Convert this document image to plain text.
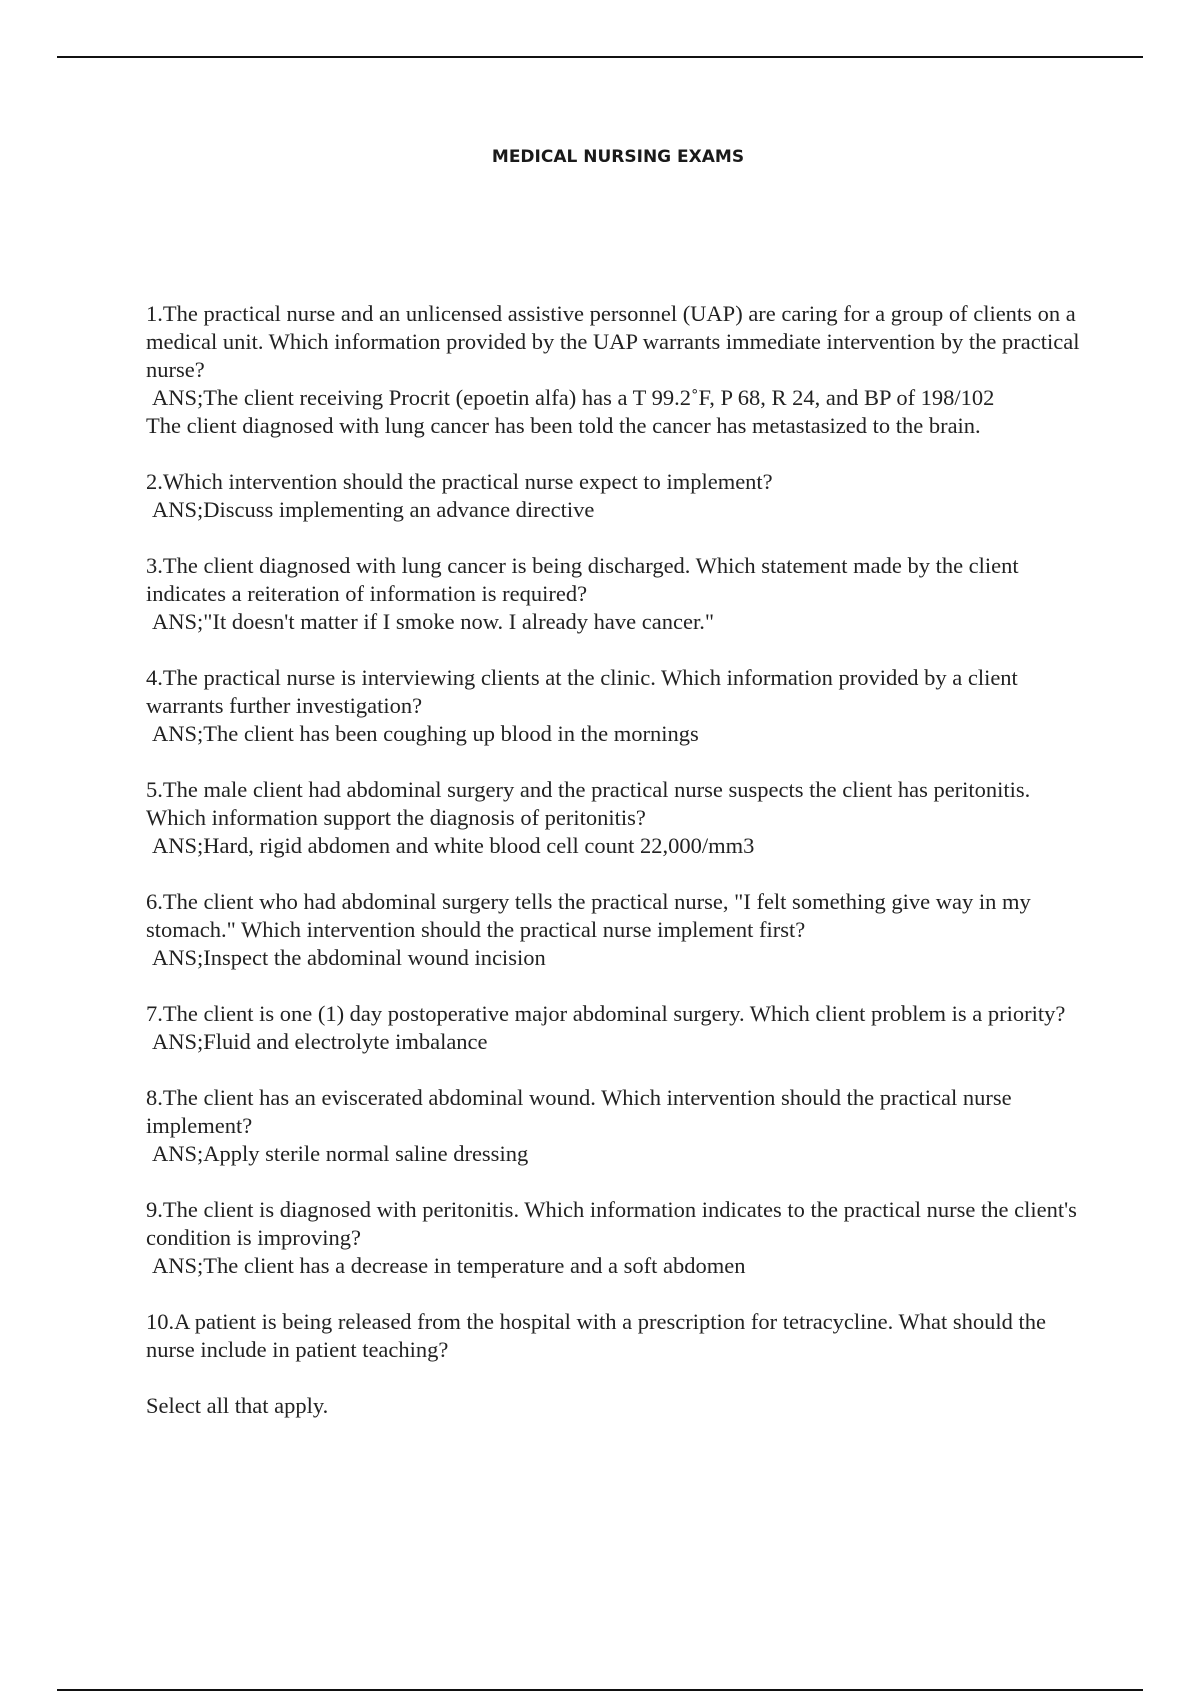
MEDICAL NURSING EXAMS

1.The practical nurse and an unlicensed assistive personnel (UAP) are caring for a group of clients on a medical unit. Which information provided by the UAP warrants immediate intervention by the practical nurse?

ANS;The client receiving Procrit (epoetin alfa) has a T 99.2˚F, P 68, R 24, and BP of 198/102

The client diagnosed with lung cancer has been told the cancer has metastasized to the brain.

2.Which intervention should the practical nurse expect to implement?

ANS;Discuss implementing an advance directive

3.The client diagnosed with lung cancer is being discharged. Which statement made by the client indicates a reiteration of information is required?

ANS;"It doesn't matter if I smoke now. I already have cancer."

4.The practical nurse is interviewing clients at the clinic. Which information provided by a client warrants further investigation?

ANS;The client has been coughing up blood in the mornings

5.The male client had abdominal surgery and the practical nurse suspects the client has peritonitis. Which information support the diagnosis of peritonitis?

ANS;Hard, rigid abdomen and white blood cell count 22,000/mm3

6.The client who had abdominal surgery tells the practical nurse, "I felt something give way in my stomach." Which intervention should the practical nurse implement first?

ANS;Inspect the abdominal wound incision

7.The client is one (1) day postoperative major abdominal surgery. Which client problem is a priority?

ANS;Fluid and electrolyte imbalance

8.The client has an eviscerated abdominal wound. Which intervention should the practical nurse implement?

ANS;Apply sterile normal saline dressing

9.The client is diagnosed with peritonitis. Which information indicates to the practical nurse the client's condition is improving?

ANS;The client has a decrease in temperature and a soft abdomen

10.A patient is being released from the hospital with a prescription for tetracycline. What should the nurse include in patient teaching?

Select all that apply.
